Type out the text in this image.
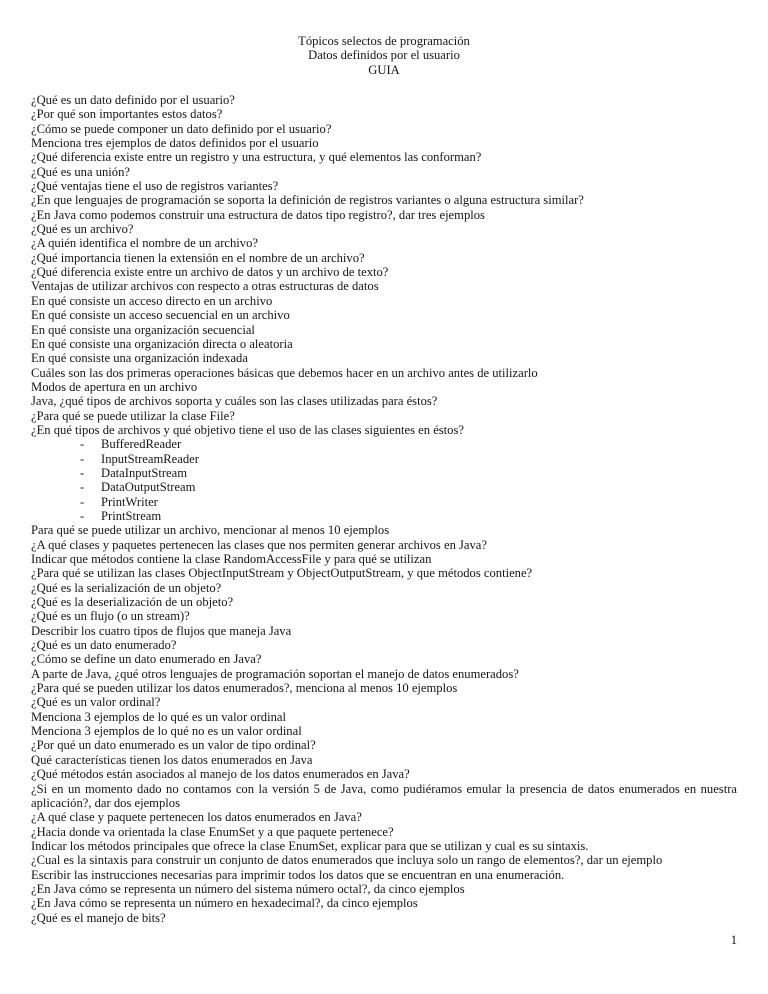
Tópicos selectos de programación
Datos definidos por el usuario
GUIA
¿Qué es un dato definido por el usuario?
¿Por qué son importantes estos datos?
¿Cómo se puede componer un dato definido por el usuario?
Menciona tres ejemplos de datos definidos por el usuario
¿Qué diferencia existe entre un registro y una estructura, y qué elementos las conforman?
¿Qué es una unión?
¿Qué ventajas tiene el uso de registros variantes?
¿En que lenguajes de programación se soporta la definición de registros variantes o alguna estructura similar?
¿En Java como podemos construir una estructura de datos tipo registro?, dar tres ejemplos
¿Qué es un archivo?
¿A quién identifica el nombre de un archivo?
¿Qué importancia tienen la extensión en el nombre de un archivo?
¿Qué diferencia existe entre un archivo de datos y un archivo de texto?
Ventajas de utilizar archivos con respecto a otras estructuras de datos
En qué consiste un acceso directo en un archivo
En qué consiste un acceso secuencial en un archivo
En qué consiste una organización secuencial
En qué consiste una organización directa o aleatoria
En qué consiste una organización indexada
Cuáles son las dos primeras operaciones básicas que debemos hacer en un archivo antes de utilizarlo
Modos de apertura en un archivo
Java, ¿qué tipos de archivos soporta y cuáles son las clases utilizadas para éstos?
¿Para qué se puede utilizar la clase File?
¿En qué tipos de archivos y qué objetivo tiene el uso de las clases siguientes en éstos?
- BufferedReader
- InputStreamReader
- DataInputStream
- DataOutputStream
- PrintWriter
- PrintStream
Para qué se puede utilizar un archivo, mencionar al menos 10 ejemplos
¿A qué clases y paquetes pertenecen las clases que nos permiten generar archivos en Java?
Indicar que métodos contiene la clase RandomAccessFile y para qué se utilizan
¿Para qué se utilizan las clases ObjectInputStream y ObjectOutputStream, y que métodos contiene?
¿Qué es la serialización de un objeto?
¿Qué es la deserialización de un objeto?
¿Qué es un flujo (o un stream)?
Describir los cuatro tipos de flujos que maneja Java
¿Qué es un dato enumerado?
¿Cómo se define un dato enumerado en Java?
A parte de Java, ¿qué otros lenguajes de programación soportan el manejo de datos enumerados?
¿Para qué se pueden utilizar los datos enumerados?, menciona al menos 10 ejemplos
¿Qué es un valor ordinal?
Menciona 3 ejemplos de lo qué es un valor ordinal
Menciona 3 ejemplos de lo qué no es un valor ordinal
¿Por qué un dato enumerado es un valor de tipo ordinal?
Qué características tienen los datos enumerados en Java
¿Qué métodos están asociados al manejo de los datos enumerados en Java?
¿Si en un momento dado no contamos con la versión 5 de Java, como pudiéramos emular la presencia de datos enumerados en nuestra aplicación?, dar dos ejemplos
¿A qué clase y paquete pertenecen los datos enumerados en Java?
¿Hacia donde va orientada la clase EnumSet y a que paquete pertenece?
Indicar los métodos principales que ofrece la clase EnumSet, explicar para que se utilizan y cual es su sintaxis.
¿Cual es la sintaxis para construir un conjunto de datos enumerados que incluya solo un rango de elementos?, dar un ejemplo
Escribir las instrucciones necesarias para imprimir todos los datos que se encuentran en una enumeración.
¿En Java cómo se representa un número del sistema número octal?, da cinco ejemplos
¿En Java cómo se representa un número en hexadecimal?, da cinco ejemplos
¿Qué es el manejo de bits?
1
